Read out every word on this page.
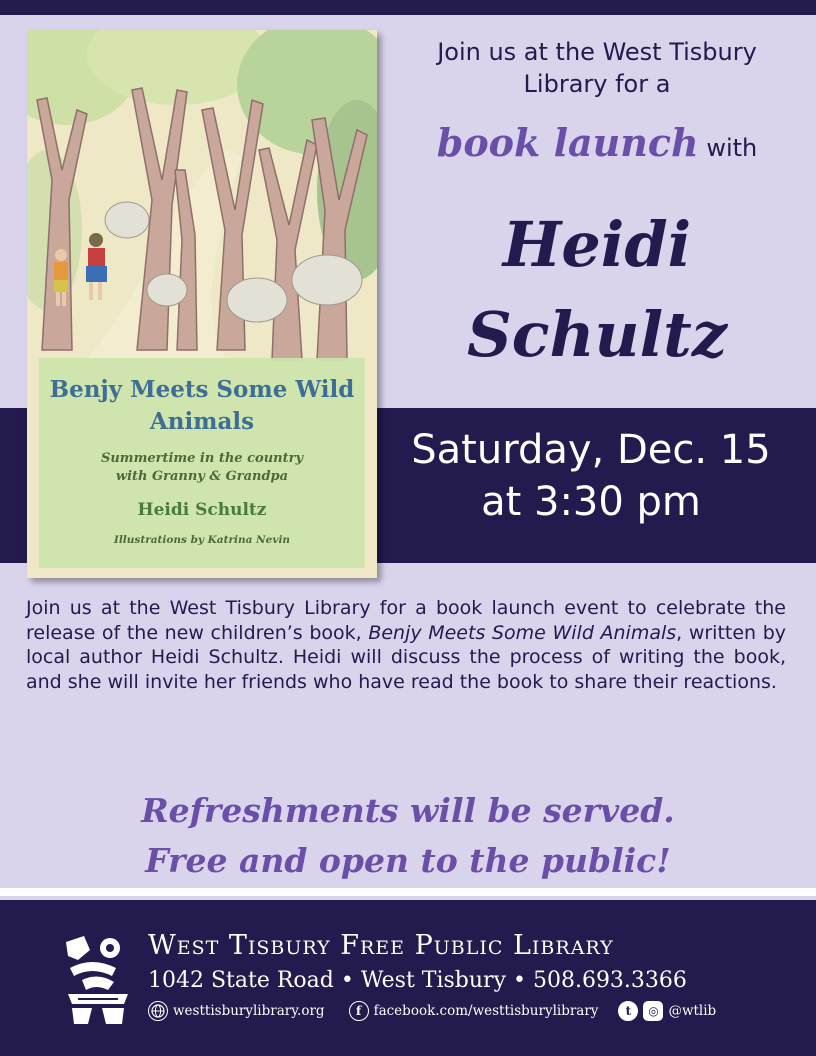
Benjy Meets Some Wild Animals
Summertime in the country
with Granny & Grandpa
Heidi Schultz
Illustrations by Katrina Nevin
Join us at the West Tisbury
Library for a
book launch with
Heidi
Schultz
Saturday, Dec. 15
at 3:30 pm
Join us at the West Tisbury Library for a book launch event to celebrate the release of the new children’s book, Benjy Meets Some Wild Animals, written by local author Heidi Schultz. Heidi will discuss the process of writing the book, and she will invite her friends who have read the book to share their reactions.
Refreshments will be served.
Free and open to the public!
West Tisbury Free Public Library
1042 State Road • West Tisbury • 508.693.3366
westtisburylibrary.org	f facebook.com/westtisburylibrary	t	◎ @wtlib
